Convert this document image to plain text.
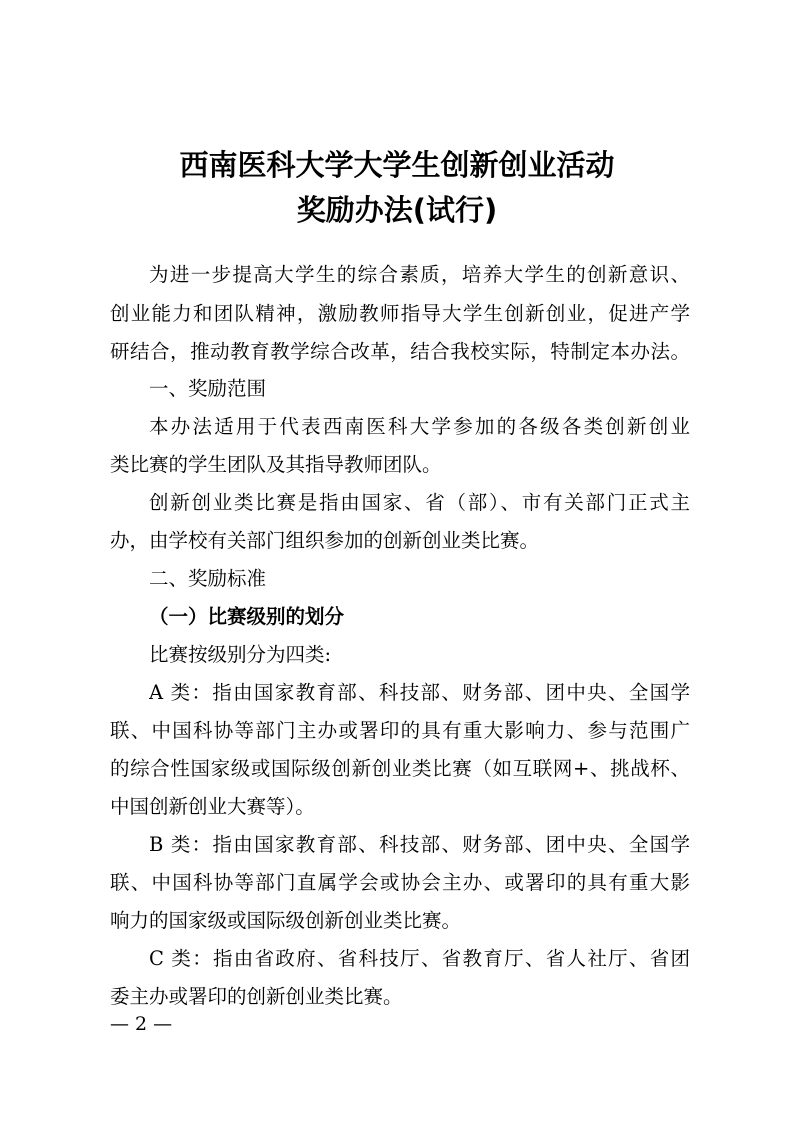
西南医科大学大学生创新创业活动
奖励办法(试行)
为进一步提高大学生的综合素质，培养大学生的创新意识、
创业能力和团队精神，激励教师指导大学生创新创业，促进产学
研结合，推动教育教学综合改革，结合我校实际，特制定本办法。
一、奖励范围
本办法适用于代表西南医科大学参加的各级各类创新创业
类比赛的学生团队及其指导教师团队。
创新创业类比赛是指由国家、省（部）、市有关部门正式主
办，由学校有关部门组织参加的创新创业类比赛。
二、奖励标准
（一）比赛级别的划分
比赛按级别分为四类:
A 类：指由国家教育部、科技部、财务部、团中央、全国学
联、中国科协等部门主办或署印的具有重大影响力、参与范围广
的综合性国家级或国际级创新创业类比赛（如互联网+、挑战杯、
中国创新创业大赛等）。
B 类：指由国家教育部、科技部、财务部、团中央、全国学
联、中国科协等部门直属学会或协会主办、或署印的具有重大影
响力的国家级或国际级创新创业类比赛。
C 类：指由省政府、省科技厅、省教育厅、省人社厅、省团
委主办或署印的创新创业类比赛。
— 2 —
